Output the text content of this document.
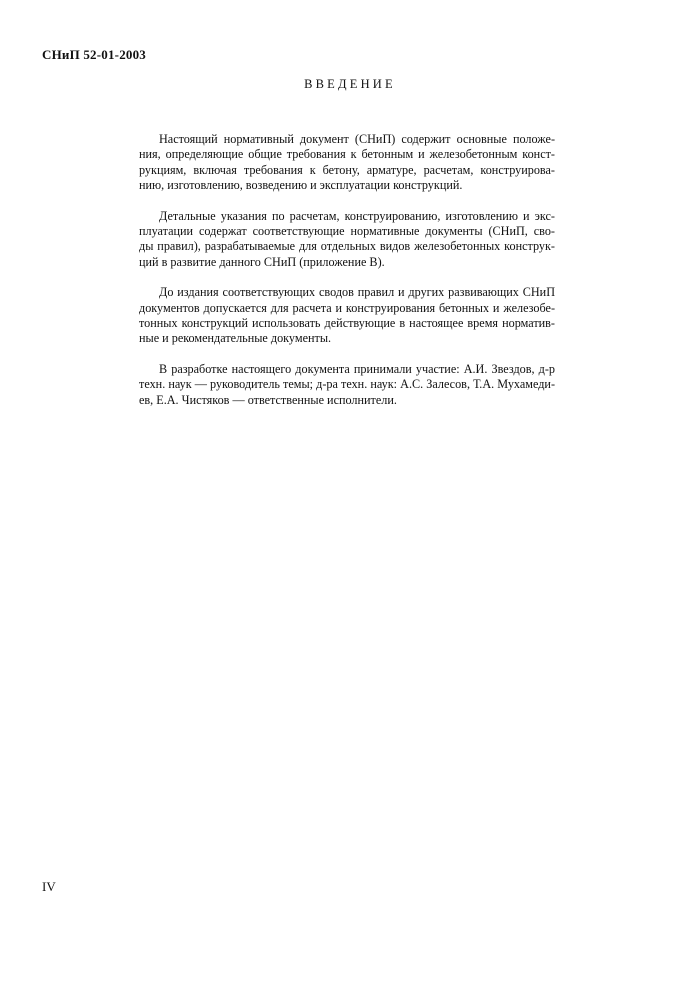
СНиП 52-01-2003
ВВЕДЕНИЕ

Настоящий нормативный документ (СНиП) содержит основные положе-
ния, определяющие общие требования к бетонным и железобетонным конст-
рукциям, включая требования к бетону, арматуре, расчетам, конструирова-
нию, изготовлению, возведению и эксплуатации конструкций.

Детальные указания по расчетам, конструированию, изготовлению и экс-
плуатации содержат соответствующие нормативные документы (СНиП, сво-
ды правил), разрабатываемые для отдельных видов железобетонных конструк-
ций в развитие данного СНиП (приложение В).

До издания соответствующих сводов правил и других развивающих СНиП
документов допускается для расчета и конструирования бетонных и железобе-
тонных конструкций использовать действующие в настоящее время норматив-
ные и рекомендательные документы.

В разработке настоящего документа принимали участие: А.И. Звездов, д-р
техн. наук — руководитель темы; д-ра техн. наук: А.С. Залесов, Т.А. Мухамеди-
ев, Е.А. Чистяков — ответственные исполнители.

IV
